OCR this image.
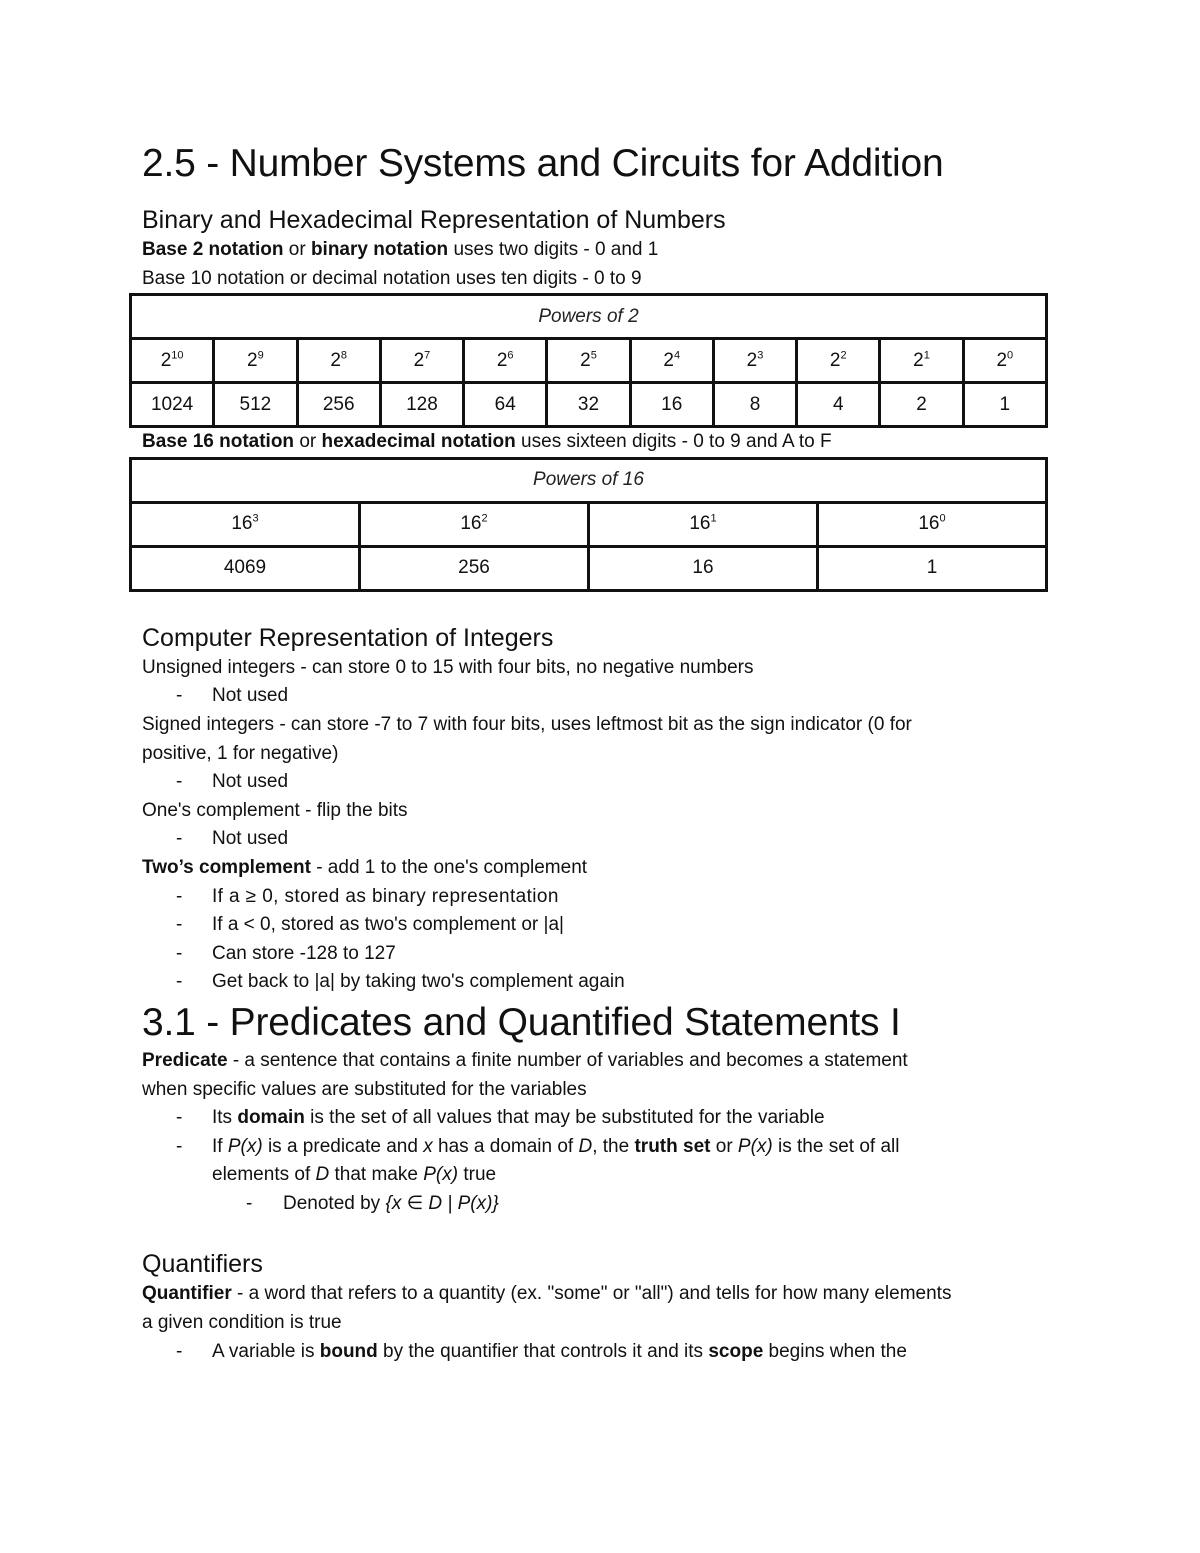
2.5 - Number Systems and Circuits for Addition
Binary and Hexadecimal Representation of Numbers

Base 2 notation or binary notation uses two digits - 0 and 1

Base 10 notation or decimal notation uses ten digits - 0 to 9

Powers of 2										
$2^{10}$	$2^9$	$2^8$	$2^7$	$2^6$	$2^5$	$2^4$	$2^3$	$2^2$	$2^1$	$2^0$
1024	512	256	128	64	32	16	8	4	2	1

Base 16 notation or hexadecimal notation uses sixteen digits - 0 to 9 and A to F

Powers of 16			
$16^3$	$16^2$	$16^1$	$16^0$
4069	256	16	1
Computer Representation of Integers

Unsigned integers - can store 0 to 15 with four bits, no negative numbers

- Not used

Signed integers - can store -7 to 7 with four bits, uses leftmost bit as the sign indicator (0 for
positive, 1 for negative)

- Not used

One's complement - flip the bits

- Not used

Two’s complement - add 1 to the one's complement

- If a ≥ 0, stored as binary representation
- If a < 0, stored as two's complement or |a|
- Can store -128 to 127
- Get back to |a| by taking two's complement again
3.1 - Predicates and Quantified Statements I

Predicate - a sentence that contains a finite number of variables and becomes a statement
when specific values are substituted for the variables

- Its domain is the set of all values that may be substituted for the variable
- If P(x) is a predicate and x has a domain of D, the truth set or P(x) is the set of all
elements of D that make P(x) true
- Denoted by {x ∈ D | P(x)}
Quantifiers

Quantifier - a word that refers to a quantity (ex. "some" or "all") and tells for how many elements
a given condition is true

- A variable is bound by the quantifier that controls it and its scope begins when the
